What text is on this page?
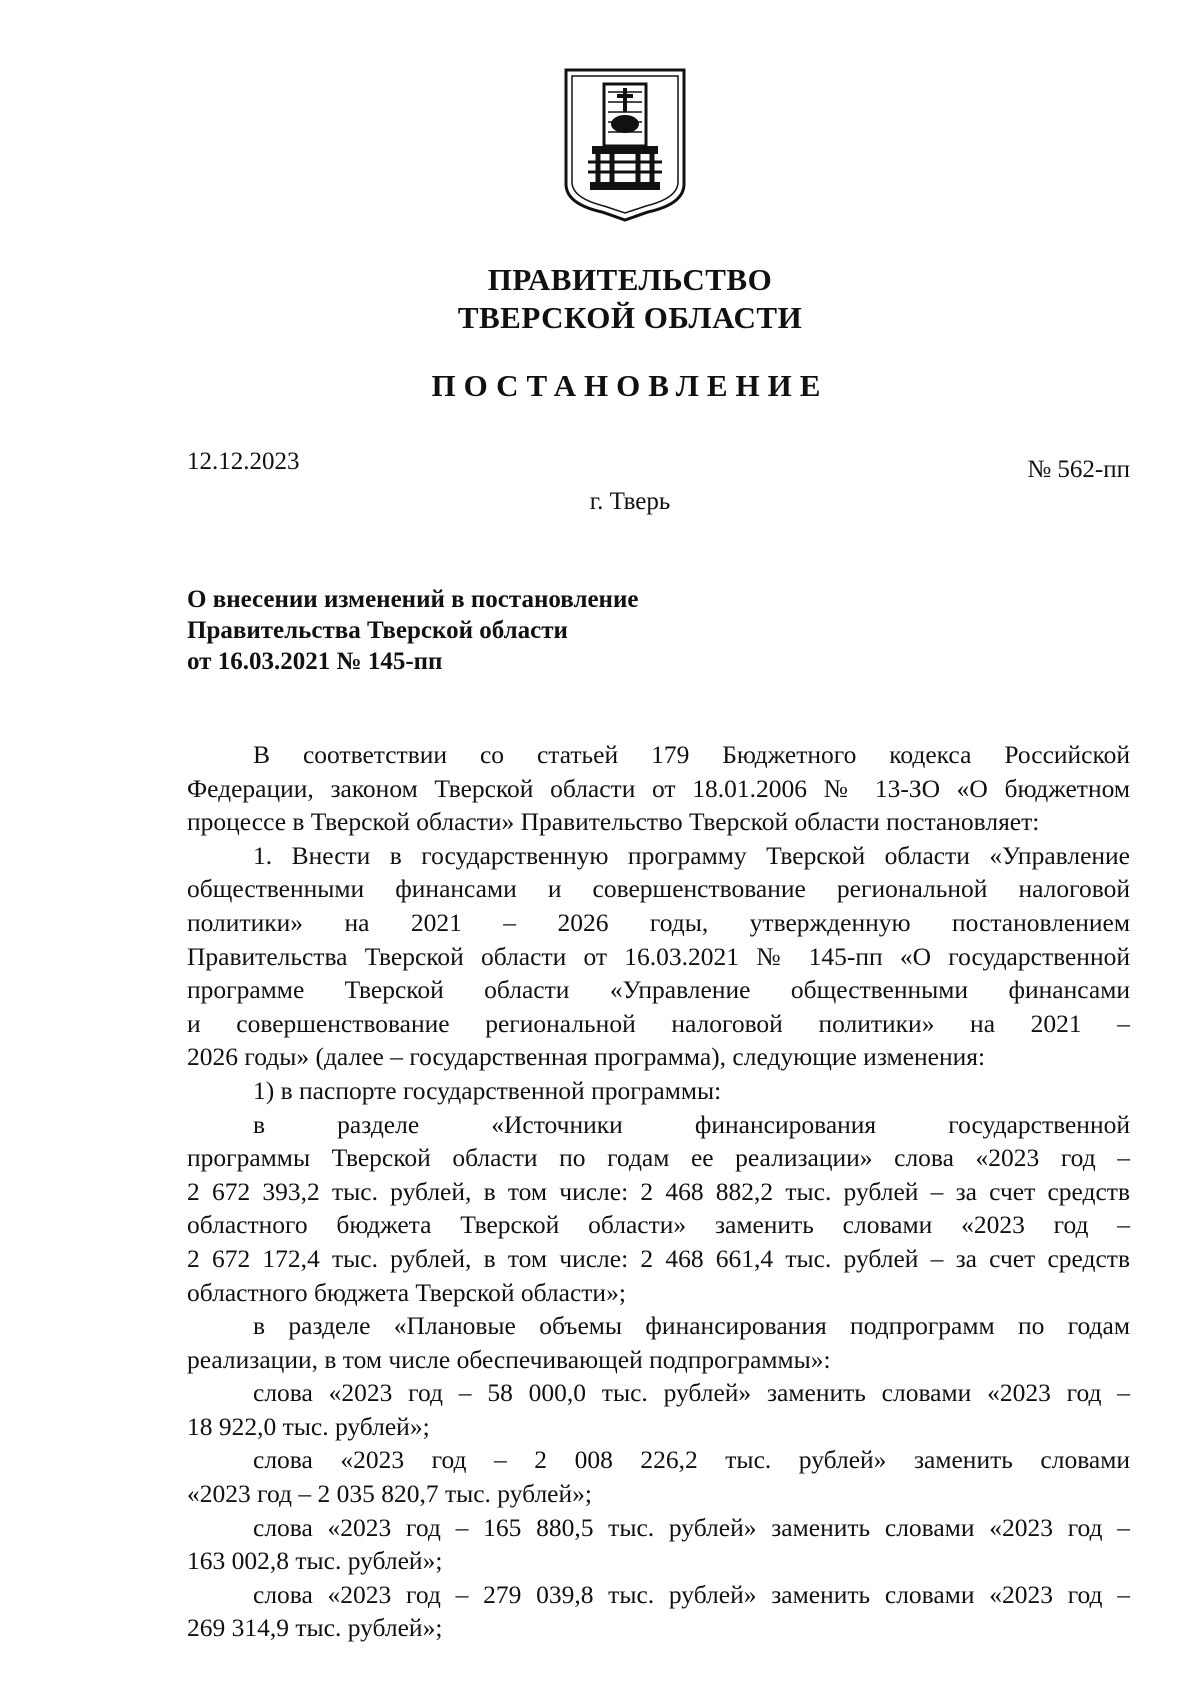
ПРАВИТЕЛЬСТВО
ТВЕРСКОЙ ОБЛАСТИ
ПОСТАНОВЛЕНИЕ
12.12.2023	№ 562-пп
г. Тверь
О внесении изменений в постановление
Правительства Тверской области
от 16.03.2021 № 145-пп
В соответствии со статьей 179 Бюджетного кодекса Российской
Федерации, законом Тверской области от 18.01.2006 № 13-ЗО «О бюджетном
процессе в Тверской области» Правительство Тверской области постановляет:
1. Внести в государственную программу Тверской области «Управление
общественными финансами и совершенствование региональной налоговой
политики» на 2021 – 2026 годы, утвержденную постановлением
Правительства Тверской области от 16.03.2021 № 145-пп «О государственной
программе Тверской области «Управление общественными финансами
и совершенствование региональной налоговой политики» на 2021 –
2026 годы» (далее – государственная программа), следующие изменения:
1) в паспорте государственной программы:
в разделе «Источники финансирования государственной
программы Тверской области по годам ее реализации» слова «2023 год –
2 672 393,2 тыс. рублей, в том числе: 2 468 882,2 тыс. рублей – за счет средств
областного бюджета Тверской области» заменить словами «2023 год –
2 672 172,4 тыс. рублей, в том числе: 2 468 661,4 тыс. рублей – за счет средств
областного бюджета Тверской области»;
в разделе «Плановые объемы финансирования подпрограмм по годам
реализации, в том числе обеспечивающей подпрограммы»:
слова «2023 год – 58 000,0 тыс. рублей» заменить словами «2023 год –
18 922,0 тыс. рублей»;
слова «2023 год – 2 008 226,2 тыс. рублей» заменить словами
«2023 год – 2 035 820,7 тыс. рублей»;
слова «2023 год – 165 880,5 тыс. рублей» заменить словами «2023 год –
163 002,8 тыс. рублей»;
слова «2023 год – 279 039,8 тыс. рублей» заменить словами «2023 год –
269 314,9 тыс. рублей»;
